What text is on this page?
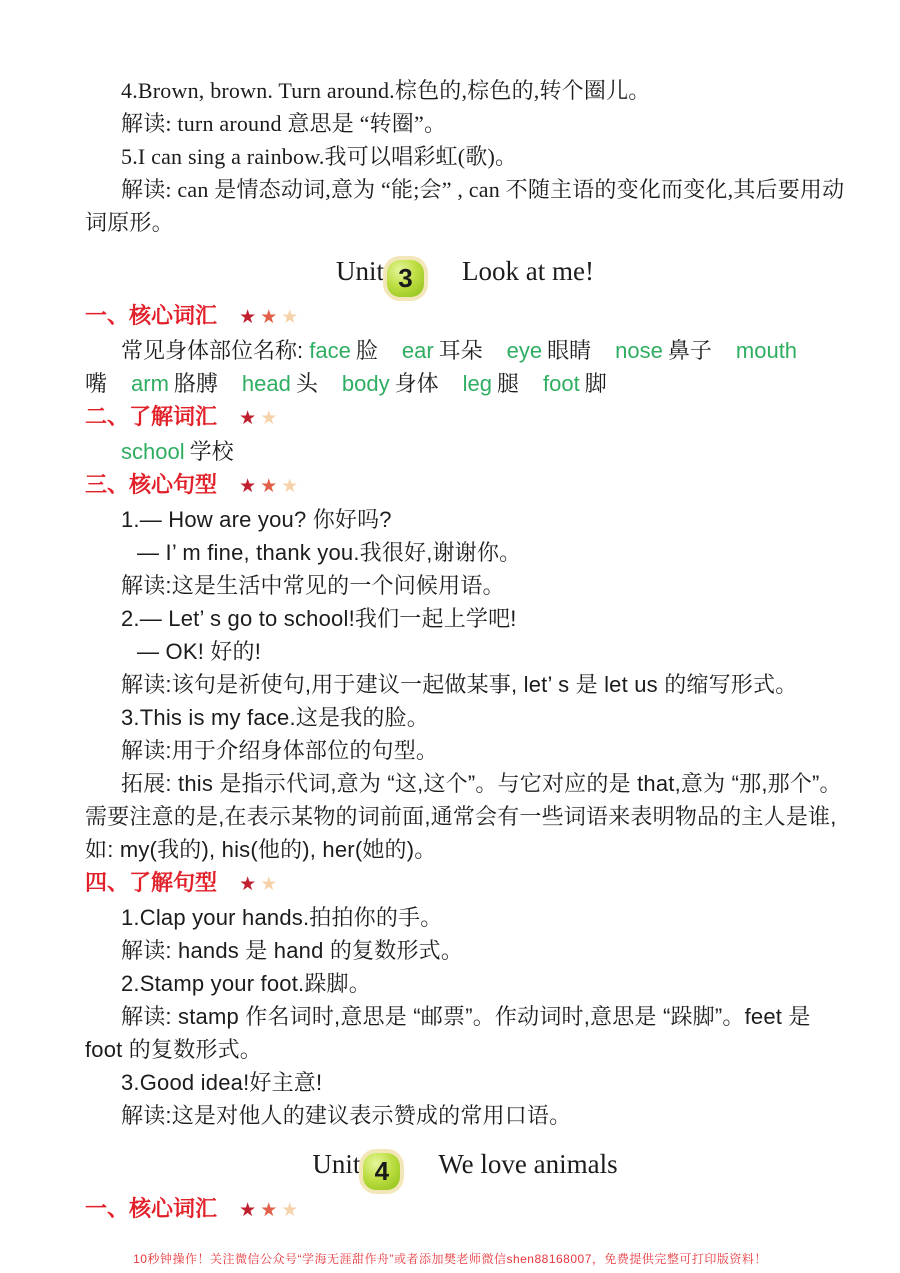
4.Brown, brown. Turn around.棕色的,棕色的,转个圈儿。

解读: turn around 意思是 “转圈”。

5.I can sing a rainbow.我可以唱彩虹(歌)。

解读: can 是情态动词,意为 “能;会” , can 不随主语的变化而变化,其后要用动词原形。

Unit 3 Look at me!
一、核心词汇 ★ ★ ★
常见身体部位名称: face 脸 ear 耳朵 eye 眼睛 nose 鼻子 mouth嘴 arm 胳膊 head 头 body 身体 leg 腿 foot 脚
二、了解词汇 ★ ★
school 学校
三、核心句型 ★ ★ ★

1.— How are you? 你好吗?

— I’ m fine, thank you.我很好,谢谢你。

解读:这是生活中常见的一个问候用语。

2.— Let’ s go to school!我们一起上学吧!

— OK! 好的!

解读:该句是祈使句,用于建议一起做某事, let’ s 是 let us 的缩写形式。

3.This is my face.这是我的脸。

解读:用于介绍身体部位的句型。

拓展: this 是指示代词,意为 “这,这个”。与它对应的是 that,意为 “那,那个”。需要注意的是,在表示某物的词前面,通常会有一些词语来表明物品的主人是谁,如: my(我的), his(他的), her(她的)。

四、了解句型 ★ ★

1.Clap your hands.拍拍你的手。

解读: hands 是 hand 的复数形式。

2.Stamp your foot.跺脚。

解读: stamp 作名词时,意思是 “邮票”。作动词时,意思是 “跺脚”。feet 是 foot 的复数形式。

3.Good idea!好主意!

解读:这是对他人的建议表示赞成的常用口语。

Unit 4 We love animals
一、核心词汇 ★ ★ ★
10秒钟操作！关注微信公众号“学海无涯甜作舟”或者添加樊老师微信shen88168007，免费提供完整可打印版资料！
